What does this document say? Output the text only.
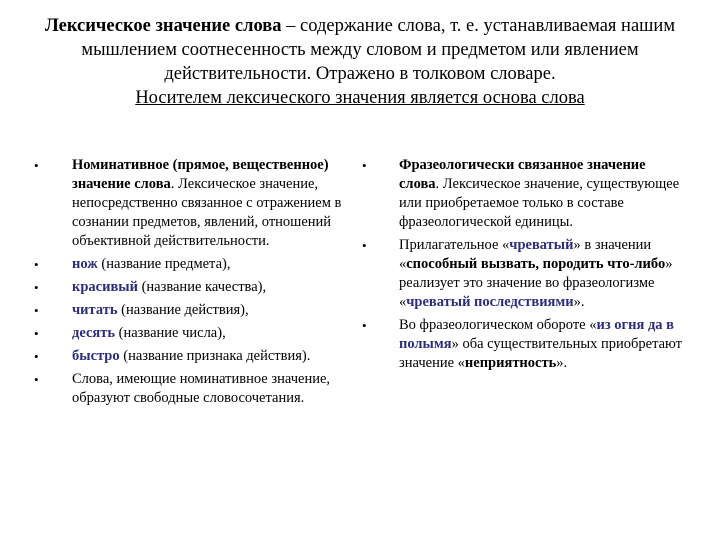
Лексическое значение слова – содержание слова, т. е. устанавливаемая нашим мышлением соотнесенность между словом и предметом или явлением действительности. Отражено в толковом словаре.
Носителем лексического значения является основа слова
• Номинативное (прямое, вещественное) значение слова. Лексическое значение, непосредственно связанное с отражением в сознании предметов, явлений, отношений объективной действительности.
• нож (название предмета),
• красивый (название качества),
• читать (название действия),
• десять (название числа),
• быстро (название признака действия).
• Слова, имеющие номинативное значение, образуют свободные словосочетания.
• Фразеологически связанное значение слова. Лексическое значение, существующее или приобретаемое только в составе фразеологической единицы.
• Прилагательное «чреватый» в значении «способный вызвать, породить что-либо» реализует это значение во фразеологизме «чреватый последствиями».
• Во фразеологическом обороте «из огня да в полымя» оба существительных приобретают значение «неприятность».
